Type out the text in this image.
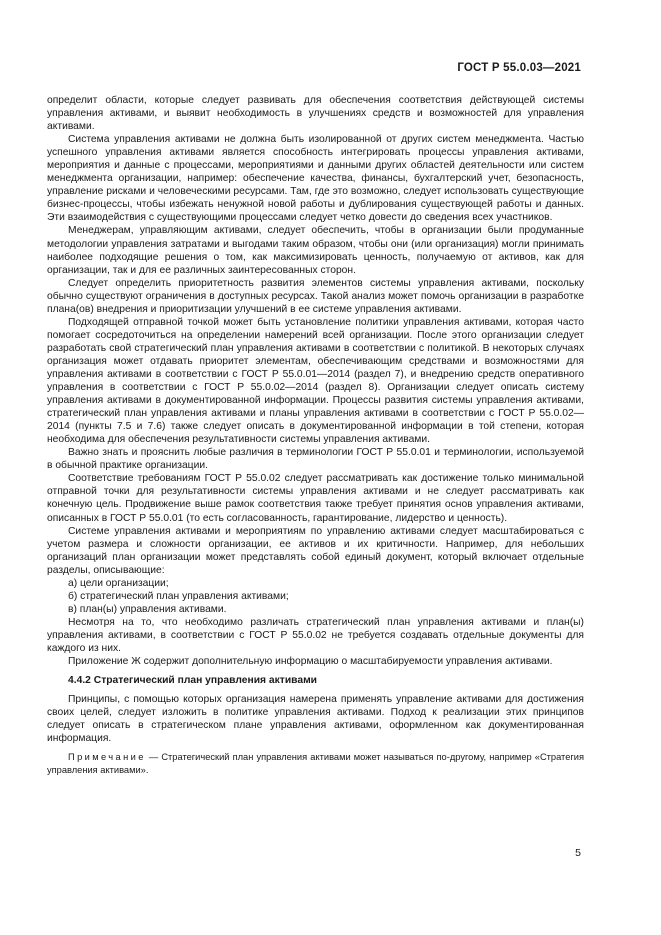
ГОСТ Р 55.0.03—2021

определит области, которые следует развивать для обеспечения соответствия действующей системы управления активами, и выявит необходимость в улучшениях средств и возможностей для управления активами.

Система управления активами не должна быть изолированной от других систем менеджмента. Частью успешного управления активами является способность интегрировать процессы управления активами, мероприятия и данные с процессами, мероприятиями и данными других областей деятельности или систем менеджмента организации, например: обеспечение качества, финансы, бухгалтерский учет, безопасность, управление рисками и человеческими ресурсами. Там, где это возможно, следует использовать существующие бизнес-процессы, чтобы избежать ненужной новой работы и дублирования существующей работы и данных. Эти взаимодействия с существующими процессами следует четко довести до сведения всех участников.

Менеджерам, управляющим активами, следует обеспечить, чтобы в организации были продуманные методологии управления затратами и выгодами таким образом, чтобы они (или организация) могли принимать наиболее подходящие решения о том, как максимизировать ценность, получаемую от активов, как для организации, так и для ее различных заинтересованных сторон.

Следует определить приоритетность развития элементов системы управления активами, поскольку обычно существуют ограничения в доступных ресурсах. Такой анализ может помочь организации в разработке плана(ов) внедрения и приоритизации улучшений в ее системе управления активами.

Подходящей отправной точкой может быть установление политики управления активами, которая часто помогает сосредоточиться на определении намерений всей организации. После этого организации следует разработать свой стратегический план управления активами в соответствии с политикой. В некоторых случаях организация может отдавать приоритет элементам, обеспечивающим средствами и возможностями для управления активами в соответствии с ГОСТ Р 55.0.01—2014 (раздел 7), и внедрению средств оперативного управления в соответствии с ГОСТ Р 55.0.02—2014 (раздел 8). Организации следует описать систему управления активами в документированной информации. Процессы развития системы управления активами, стратегический план управления активами и планы управления активами в соответствии с ГОСТ Р 55.0.02—2014 (пункты 7.5 и 7.6) также следует описать в документированной информации в той степени, которая необходима для обеспечения результативности системы управления активами.

Важно знать и прояснить любые различия в терминологии ГОСТ Р 55.0.01 и терминологии, используемой в обычной практике организации.

Соответствие требованиям ГОСТ Р 55.0.02 следует рассматривать как достижение только минимальной отправной точки для результативности системы управления активами и не следует рассматривать как конечную цель. Продвижение выше рамок соответствия также требует принятия основ управления активами, описанных в ГОСТ Р 55.0.01 (то есть согласованность, гарантирование, лидерство и ценность).

Системе управления активами и мероприятиям по управлению активами следует масштабироваться с учетом размера и сложности организации, ее активов и их критичности. Например, для небольших организаций план организации может представлять собой единый документ, который включает отдельные разделы, описывающие:

а) цели организации;

б) стратегический план управления активами;

в) план(ы) управления активами.

Несмотря на то, что необходимо различать стратегический план управления активами и план(ы) управления активами, в соответствии с ГОСТ Р 55.0.02 не требуется создавать отдельные документы для каждого из них.

Приложение Ж содержит дополнительную информацию о масштабируемости управления активами.

4.4.2 Стратегический план управления активами

Принципы, с помощью которых организация намерена применять управление активами для достижения своих целей, следует изложить в политике управления активами. Подход к реализации этих принципов следует описать в стратегическом плане управления активами, оформленном как документированная информация.

Примечание — Стратегический план управления активами может называться по-другому, например «Стратегия управления активами».

5
